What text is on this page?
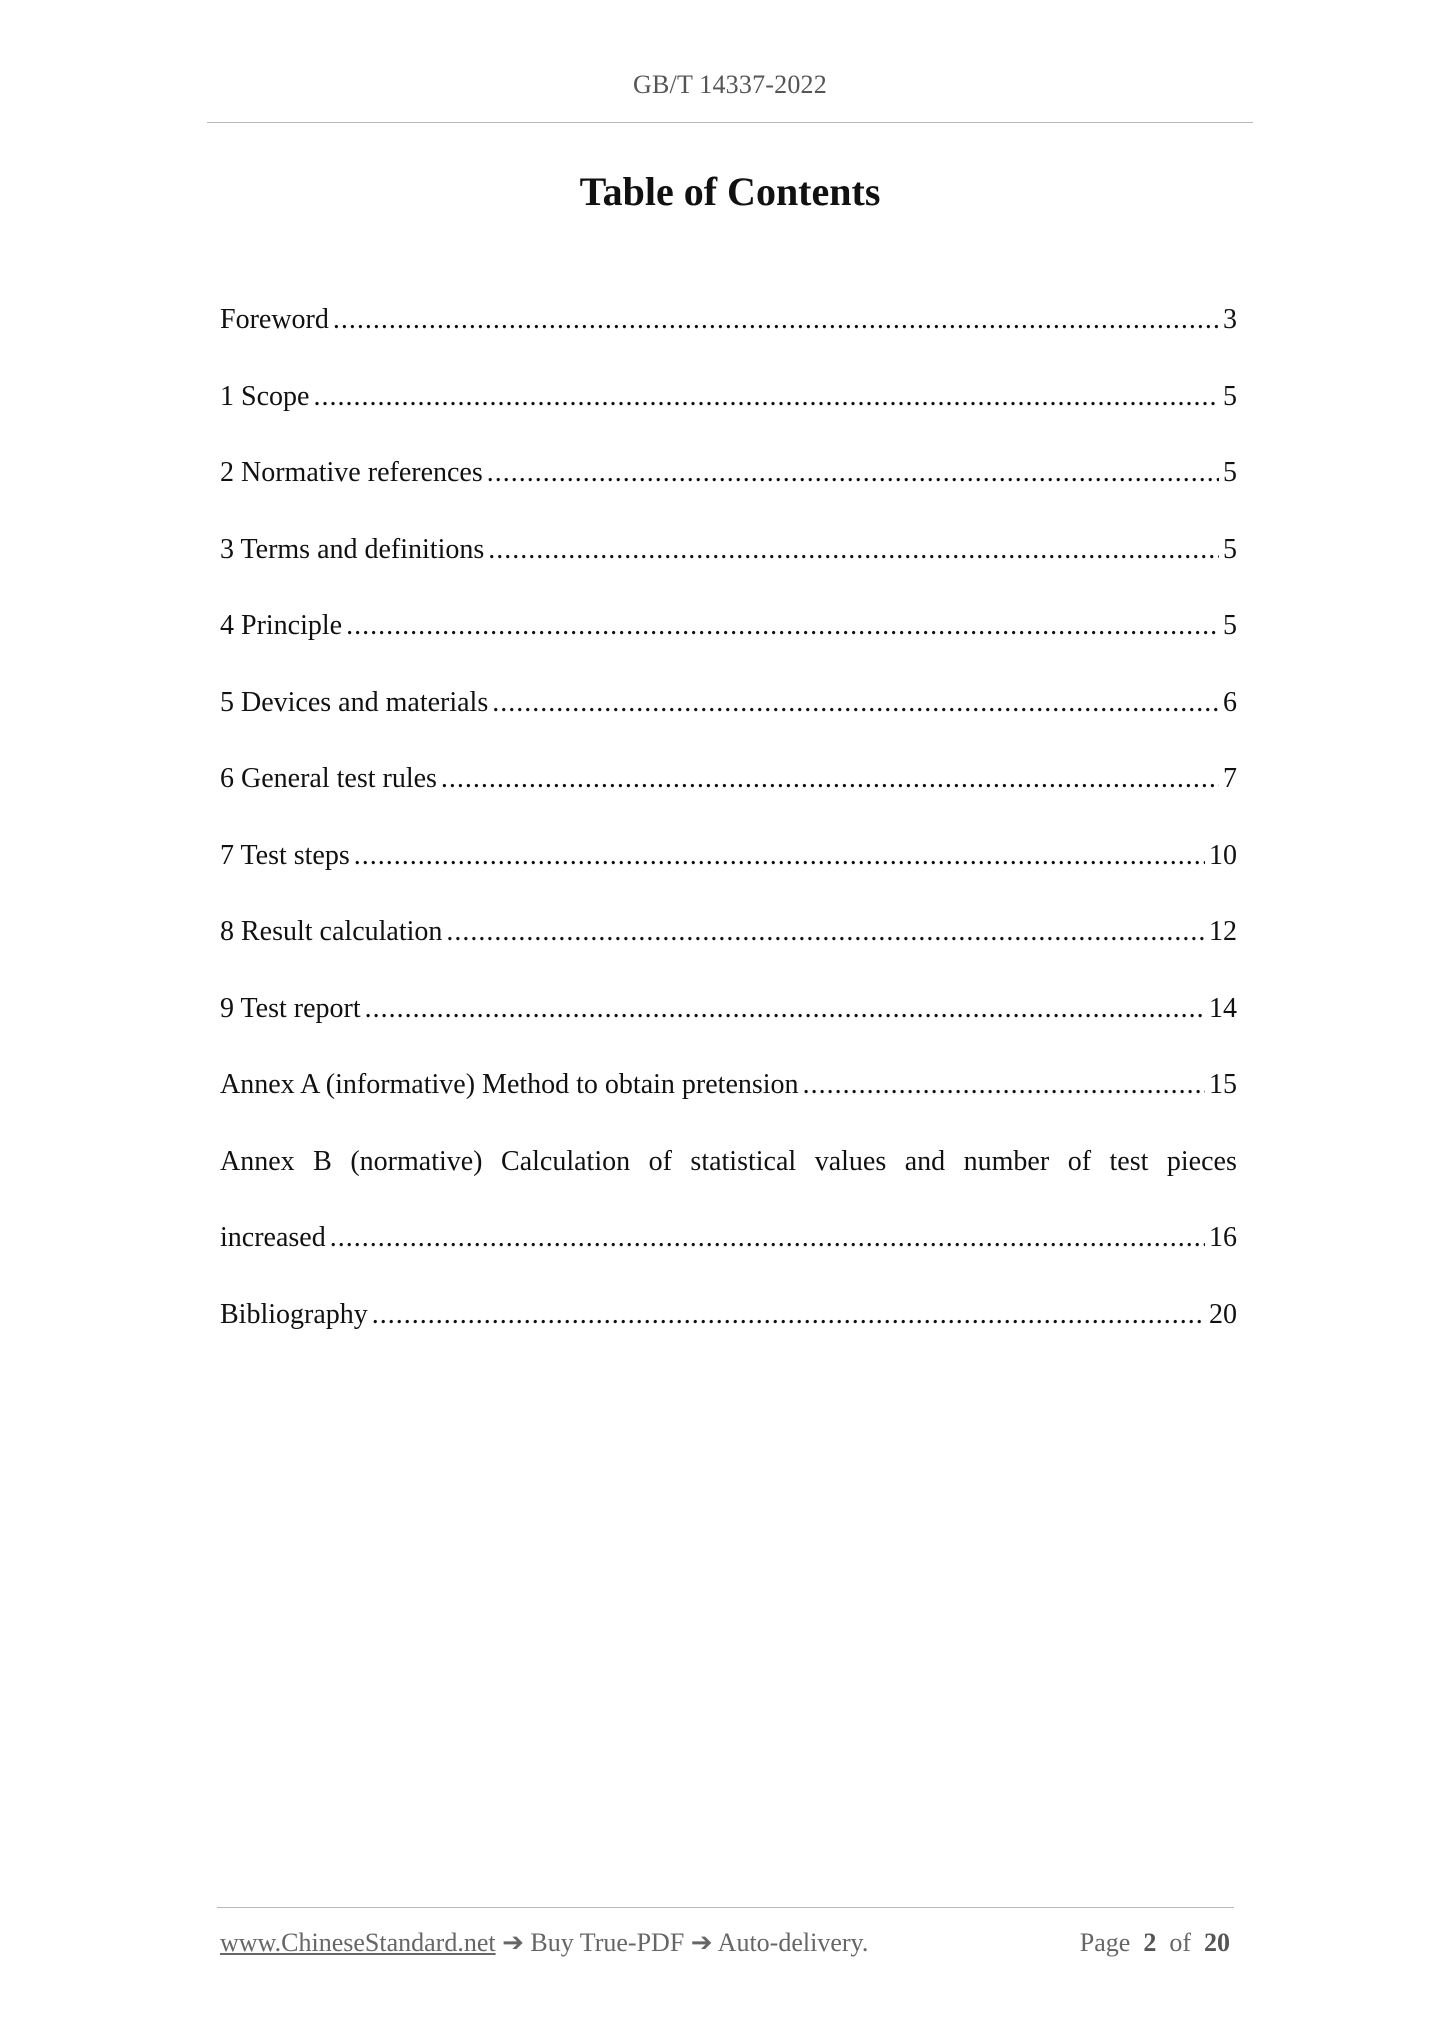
GB/T 14337-2022
Table of Contents
Foreword .....	3
1 Scope .....	5
2 Normative references .....	5
3 Terms and definitions .....	5
4 Principle .....	5
5 Devices and materials .....	6
6 General test rules .....	7
7 Test steps .....	10
8 Result calculation .....	12
9 Test report .....	14
Annex A (informative) Method to obtain pretension .....	15
Annex B (normative) Calculation of statistical values and number of test pieces
increased .....	16
Bibliography .....	20
www.ChineseStandard.net ➔ Buy True-PDF ➔ Auto-delivery.	Page 2 of 20
